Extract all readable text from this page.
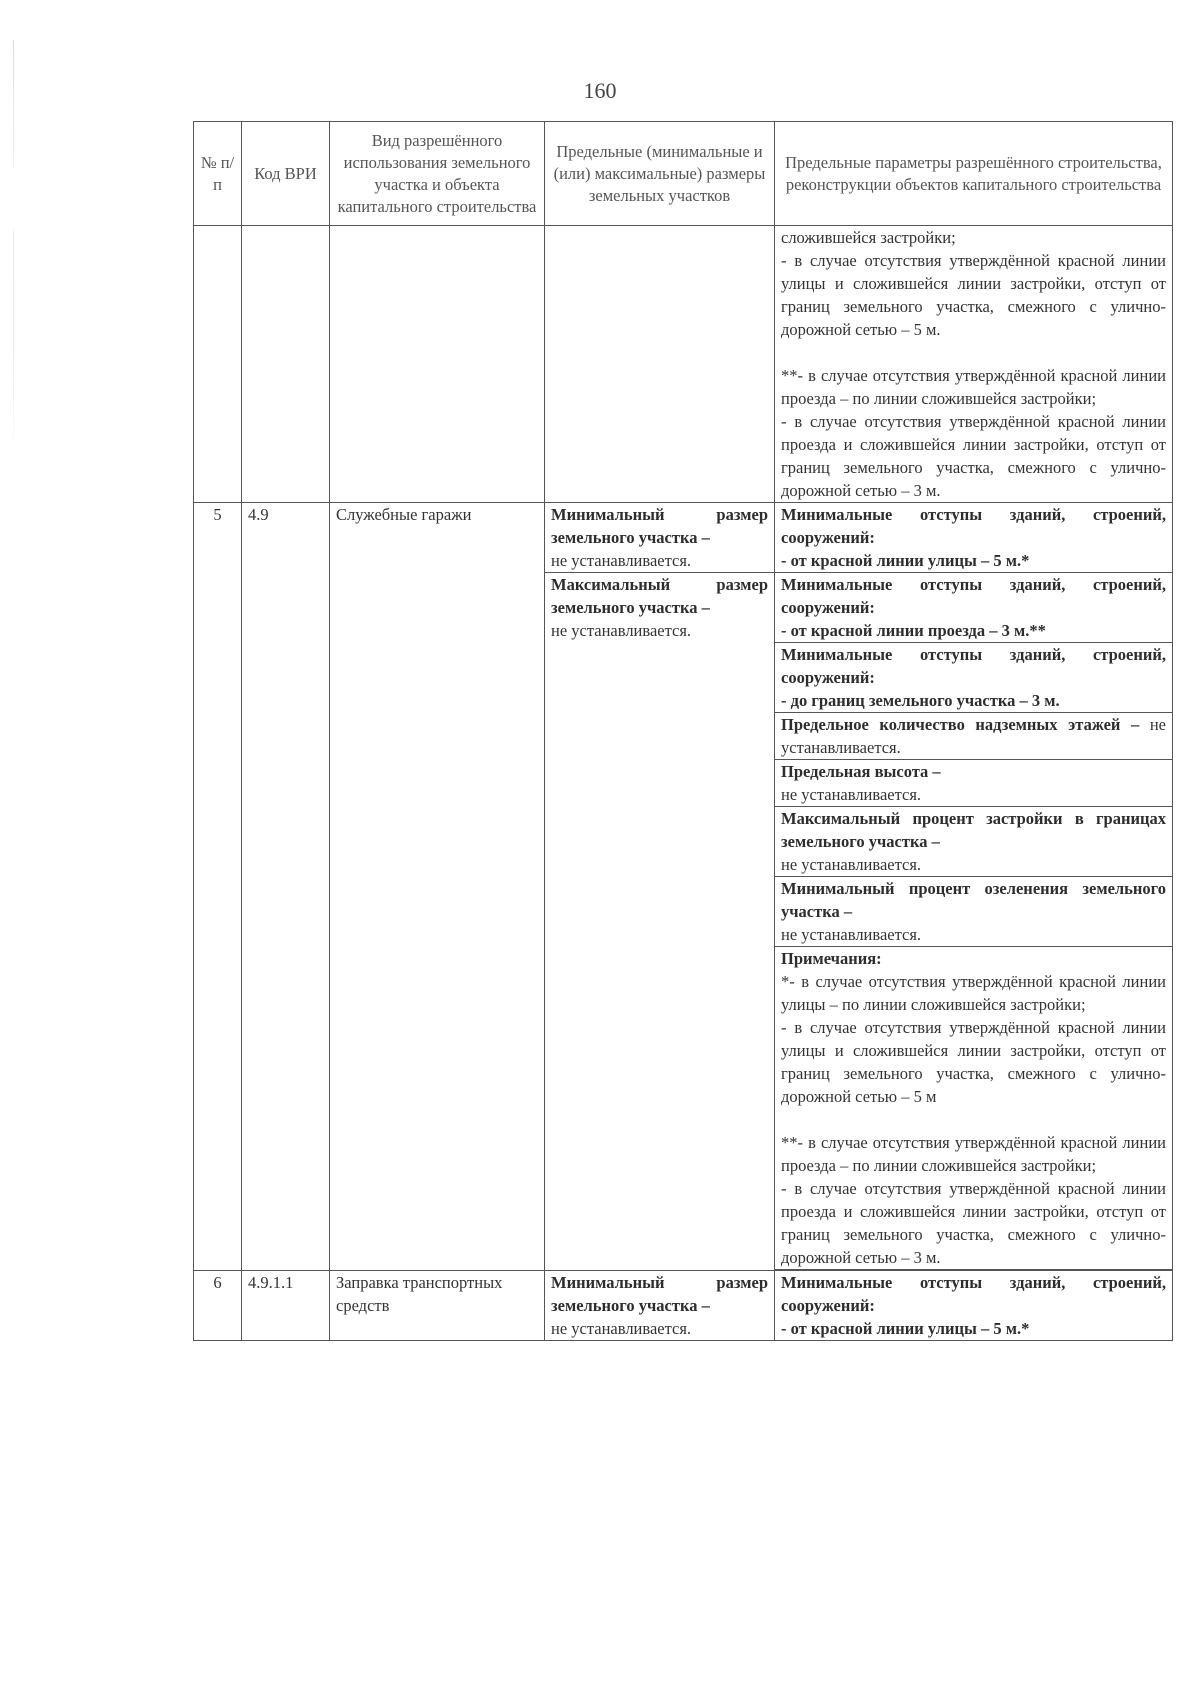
160
№ п/п	Код ВРИ	Вид разрешённого использования земельного участка и объекта капитального строительства	Предельные (минимальные и (или) максимальные) размеры земельных участков	Предельные параметры разрешённого строительства, реконструкции объектов капитального строительства

				сложившейся застройки;
- в случае отсутствия утверждённой красной линии улицы и сложившейся линии застройки, отступ от границ земельного участка, смежного с улично-дорожной сетью – 5 м.
**- в случае отсутствия утверждённой красной линии проезда – по линии сложившейся застройки;
- в случае отсутствия утверждённой красной линии проезда и сложившейся линии застройки, отступ от границ земельного участка, смежного с улично-дорожной сетью – 3 м.

5	4.9	Служебные гаражи	Минимальный размер земельного участка –
не устанавливается.	Минимальные отступы зданий, строений, сооружений:
- от красной линии улицы – 5 м.*

			Максимальный размер земельного участка –
не устанавливается.	Минимальные отступы зданий, строений, сооружений:
- от красной линии проезда – 3 м.**

				Минимальные отступы зданий, строений, сооружений:
- до границ земельного участка – 3 м.

				Предельное количество надземных этажей – не устанавливается.

				Предельная высота –
не устанавливается.

				Максимальный процент застройки в границах земельного участка –
не устанавливается.

				Минимальный процент озеленения земельного участка –
не устанавливается.

				Примечания:
*- в случае отсутствия утверждённой красной линии улицы – по линии сложившейся застройки;
- в случае отсутствия утверждённой красной линии улицы и сложившейся линии застройки, отступ от границ земельного участка, смежного с улично-дорожной сетью – 5 м
**- в случае отсутствия утверждённой красной линии проезда – по линии сложившейся застройки;
- в случае отсутствия утверждённой красной линии проезда и сложившейся линии застройки, отступ от границ земельного участка, смежного с улично-дорожной сетью – 3 м.

6	4.9.1.1	Заправка транспортных средств	Минимальный размер земельного участка –
не устанавливается.	Минимальные отступы зданий, строений, сооружений:
- от красной линии улицы – 5 м.*
